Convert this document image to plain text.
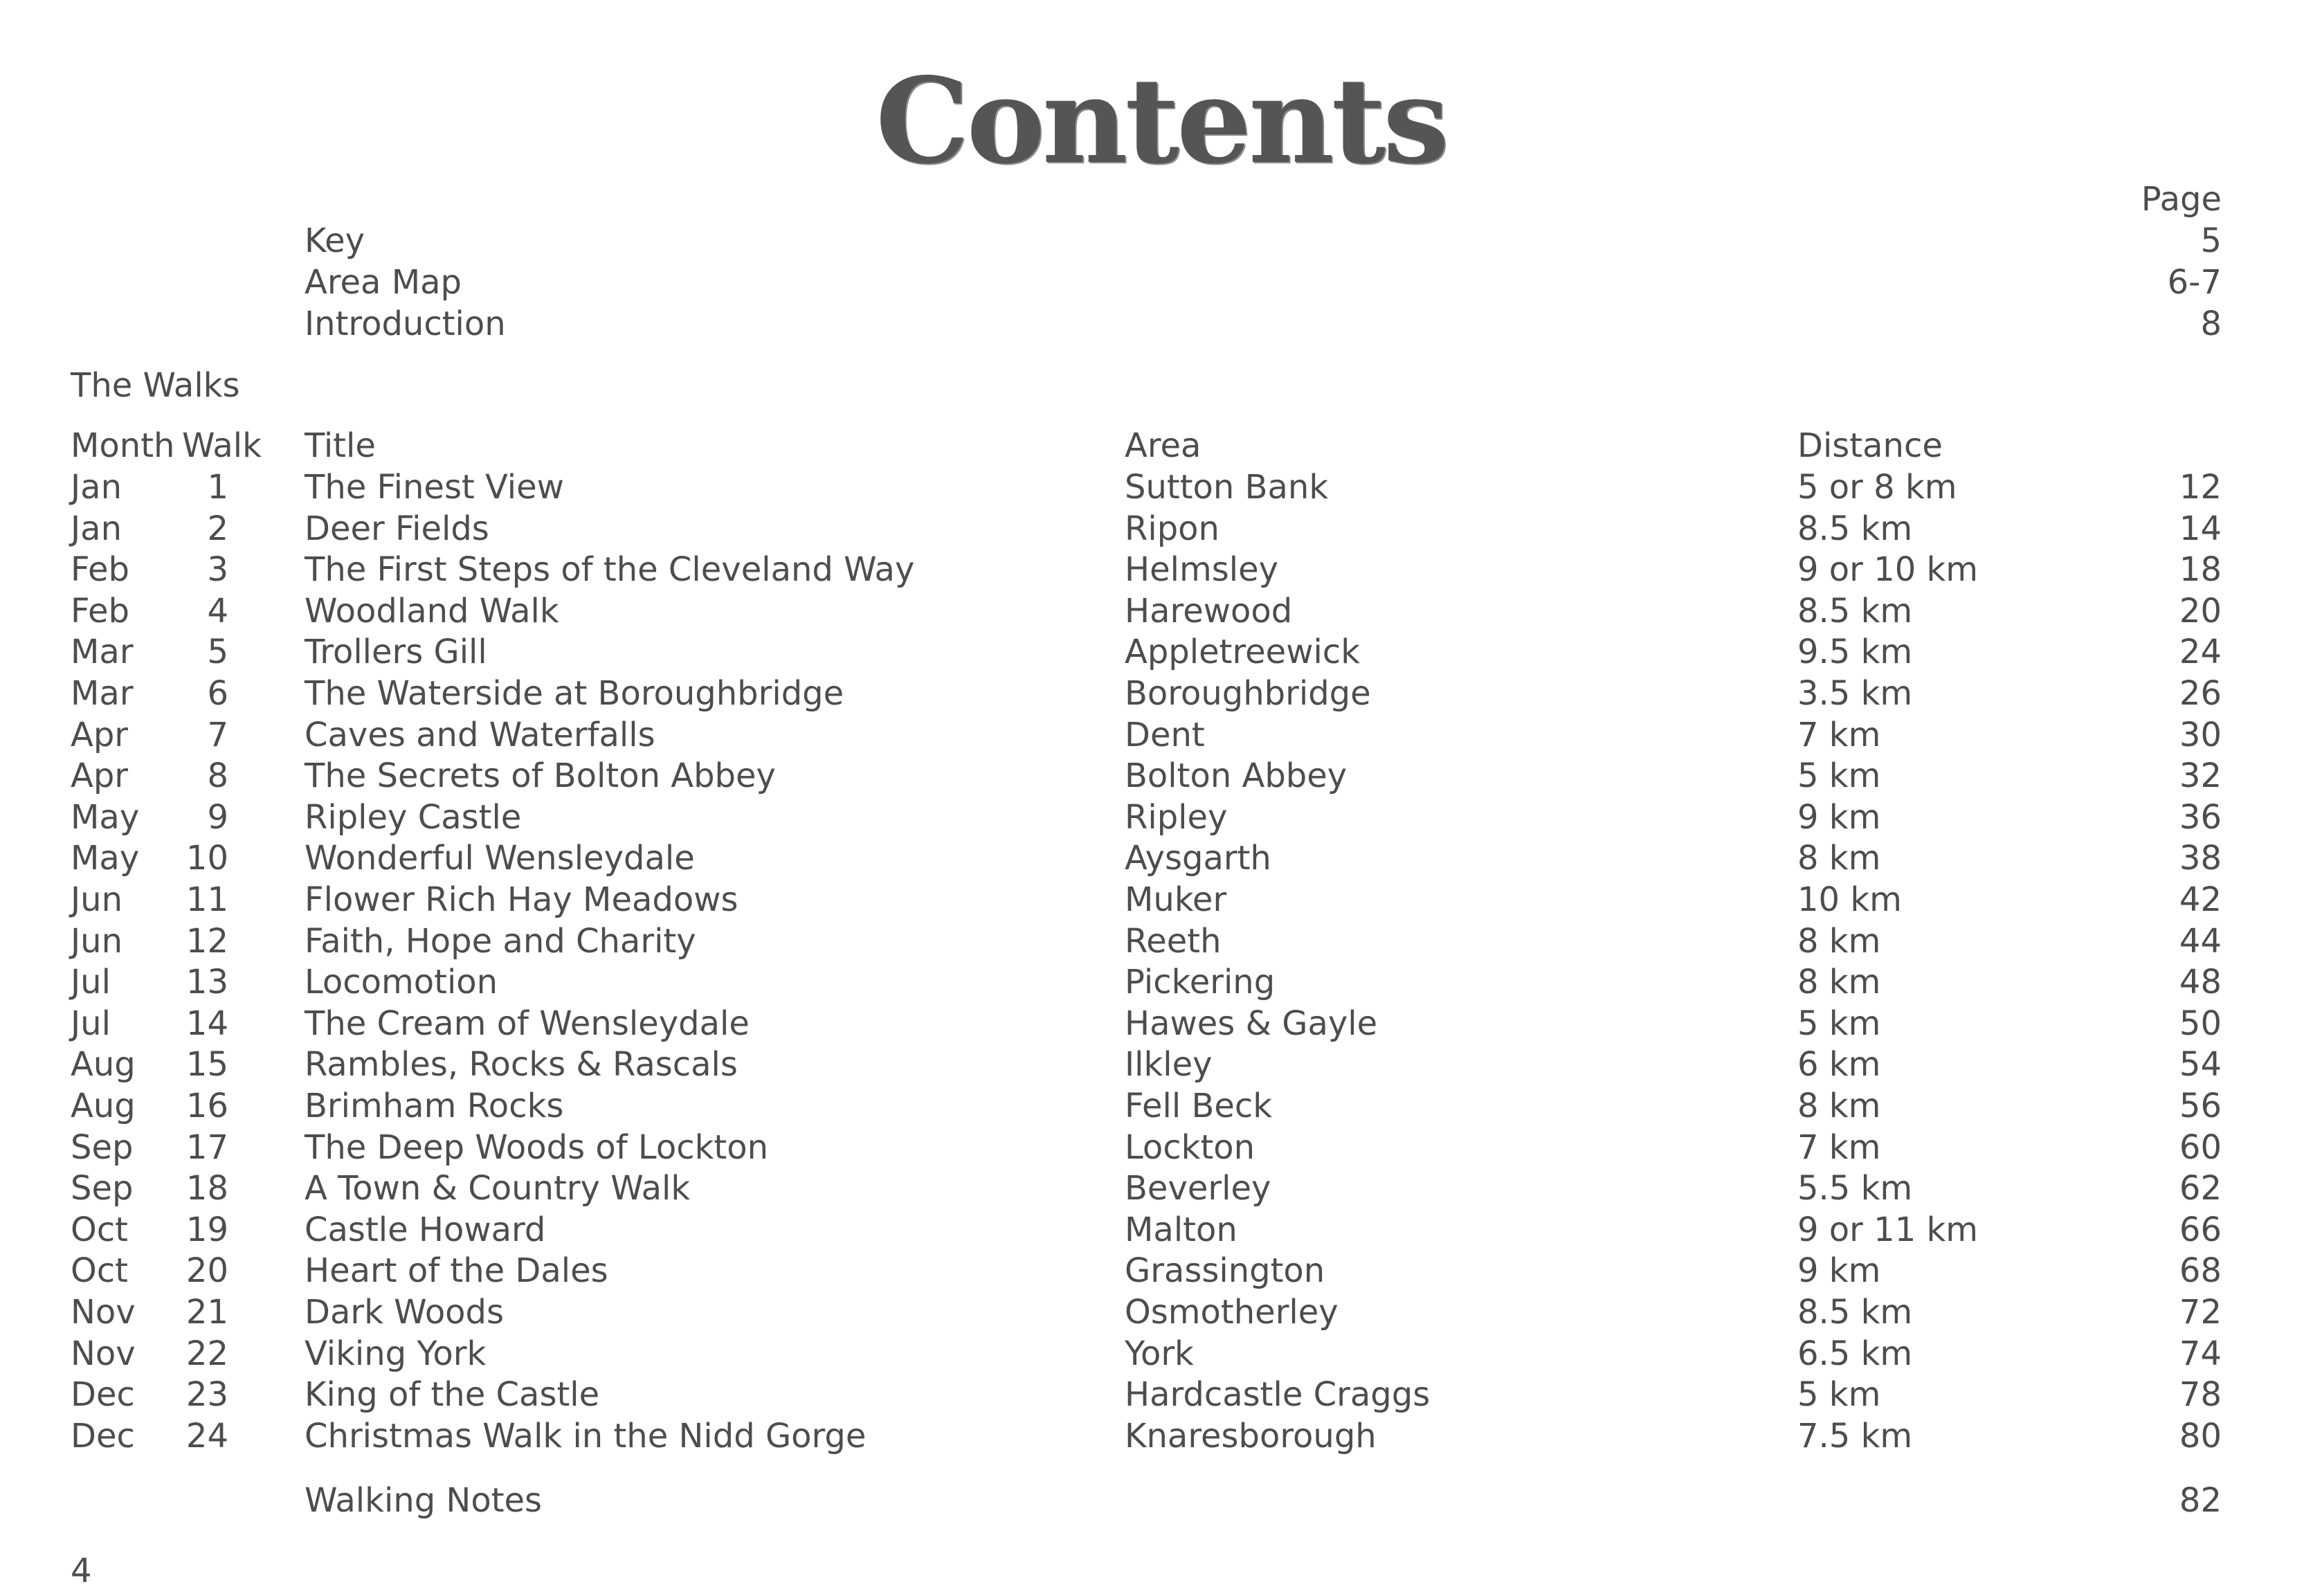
Contents
Page
Key	5
Area Map	6-7
Introduction	8
The Walks
Month Walk Title	Area	Distance
Jan	1 The Finest View	Sutton Bank	5 or 8 km	12
Jan	2 Deer Fields	Ripon	8.5 km	14
Feb	3 The First Steps of the Cleveland Way	Helmsley	9 or 10 km	18
Feb	4 Woodland Walk	Harewood	8.5 km	20
Mar	5 Trollers Gill	Appletreewick	9.5 km	24
Mar	6 The Waterside at Boroughbridge	Boroughbridge	3.5 km	26
Apr	7 Caves and Waterfalls	Dent	7 km	30
Apr	8 The Secrets of Bolton Abbey	Bolton Abbey	5 km	32
May	9 Ripley Castle	Ripley	9 km	36
May	10 Wonderful Wensleydale	Aysgarth	8 km	38
Jun	11 Flower Rich Hay Meadows	Muker	10 km	42
Jun	12 Faith, Hope and Charity	Reeth	8 km	44
Jul	13 Locomotion	Pickering	8 km	48
Jul	14 The Cream of Wensleydale	Hawes & Gayle	5 km	50
Aug	15 Rambles, Rocks & Rascals	Ilkley	6 km	54
Aug	16 Brimham Rocks	Fell Beck	8 km	56
Sep	17 The Deep Woods of Lockton	Lockton	7 km	60
Sep	18 A Town & Country Walk	Beverley	5.5 km	62
Oct	19 Castle Howard	Malton	9 or 11 km	66
Oct	20 Heart of the Dales	Grassington	9 km	68
Nov	21 Dark Woods	Osmotherley	8.5 km	72
Nov	22 Viking York	York	6.5 km	74
Dec	23 King of the Castle	Hardcastle Craggs	5 km	78
Dec	24 Christmas Walk in the Nidd Gorge	Knaresborough	7.5 km	80
Walking Notes	82
4
